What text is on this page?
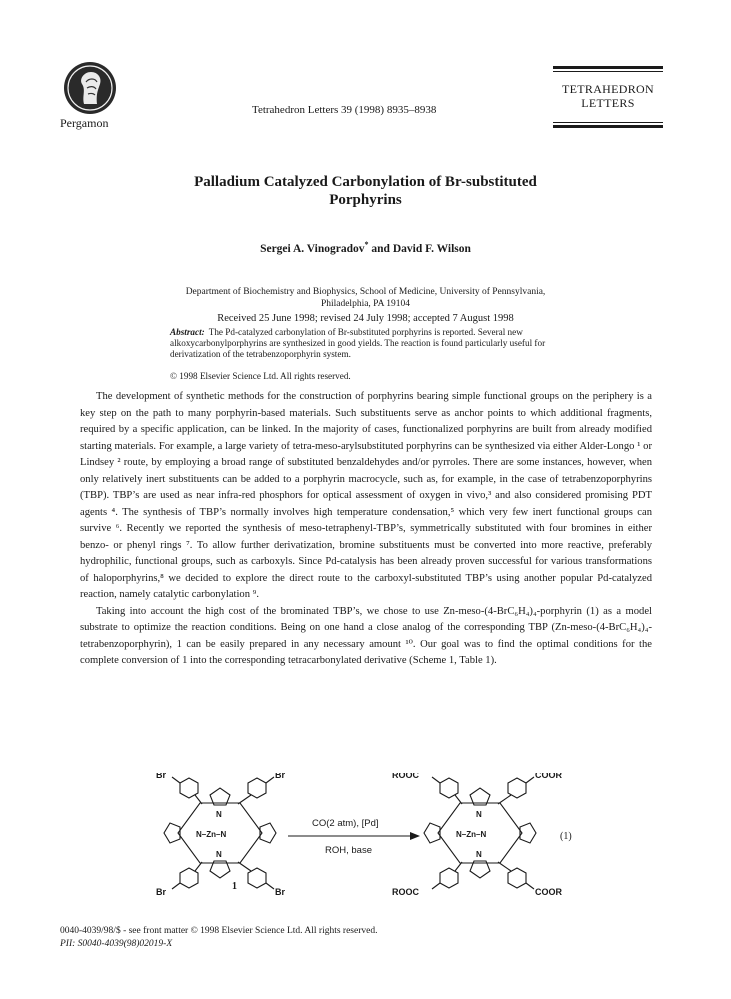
Pergamon
Tetrahedron Letters 39 (1998) 8935–8938
TETRAHEDRON
LETTERS
Palladium Catalyzed Carbonylation of Br-substituted
Porphyrins
Sergei A. Vinogradov* and David F. Wilson
Department of Biochemistry and Biophysics, School of Medicine, University of Pennsylvania,
Philadelphia, PA 19104
Received 25 June 1998; revised 24 July 1998; accepted 7 August 1998
Abstract: The Pd-catalyzed carbonylation of Br-substituted porphyrins is reported. Several new alkoxycarbonylporphyrins are synthesized in good yields. The reaction is found particularly useful for derivatization of the tetrabenzoporphyrin system.
© 1998 Elsevier Science Ltd. All rights reserved.

The development of synthetic methods for the construction of porphyrins bearing simple functional groups on the periphery is a key step on the path to many porphyrin-based materials. Such substituents serve as anchor points to which additional fragments, required by a specific application, can be linked. In the majority of cases, functionalized porphyrins are built from already modified starting materials. For example, a large variety of tetra-meso-arylsubstituted porphyrins can be synthesized via either Alder-Longo ¹ or Lindsey ² route, by employing a broad range of substituted benzaldehydes and/or pyrroles. There are some instances, however, when only relatively inert substituents can be added to a porphyrin macrocycle, such as, for example, in the case of tetrabenzoporphyrins (TBP). TBP’s are used as near infra-red phosphors for optical assessment of oxygen in vivo,³ and also considered promising PDT agents ⁴. The synthesis of TBP’s normally involves high temperature condensation,⁵ which very few inert functional groups can survive ⁶. Recently we reported the synthesis of meso-tetraphenyl-TBP’s, symmetrically substituted with four bromines in either benzo- or phenyl rings ⁷. To allow further derivatization, bromine substituents must be converted into more reactive, preferably hydrophilic, functional groups, such as carboxyls. Since Pd-catalysis has been already proven successful for various transformations of haloporphyrins,⁸ we decided to explore the direct route to the carboxyl-substituted TBP’s using another popular Pd-catalyzed reaction, namely catalytic carbonylation ⁹.

Taking into account the high cost of the brominated TBP’s, we chose to use Zn-meso-(4-BrC₆H₄)₄-porphyrin (1) as a model substrate to optimize the reaction conditions. Being on one hand a close analog of the corresponding TBP (Zn-meso-(4-BrC₆H₄)₄-tetrabenzoporphyrin), 1 can be easily prepared in any necessary amount ¹⁰. Our goal was to find the optimal conditions for the complete conversion of 1 into the corresponding tetracarbonylated derivative (Scheme 1, Table 1).

Br	Br
Br	Br
N
N–Zn–N
N
1
CO(2 atm), [Pd]
ROH, base
ROOC	COOR
ROOC	COOR
N
N–Zn–N
N
(1)
0040-4039/98/$ - see front matter © 1998 Elsevier Science Ltd. All rights reserved.
PII: S0040-4039(98)02019-X
